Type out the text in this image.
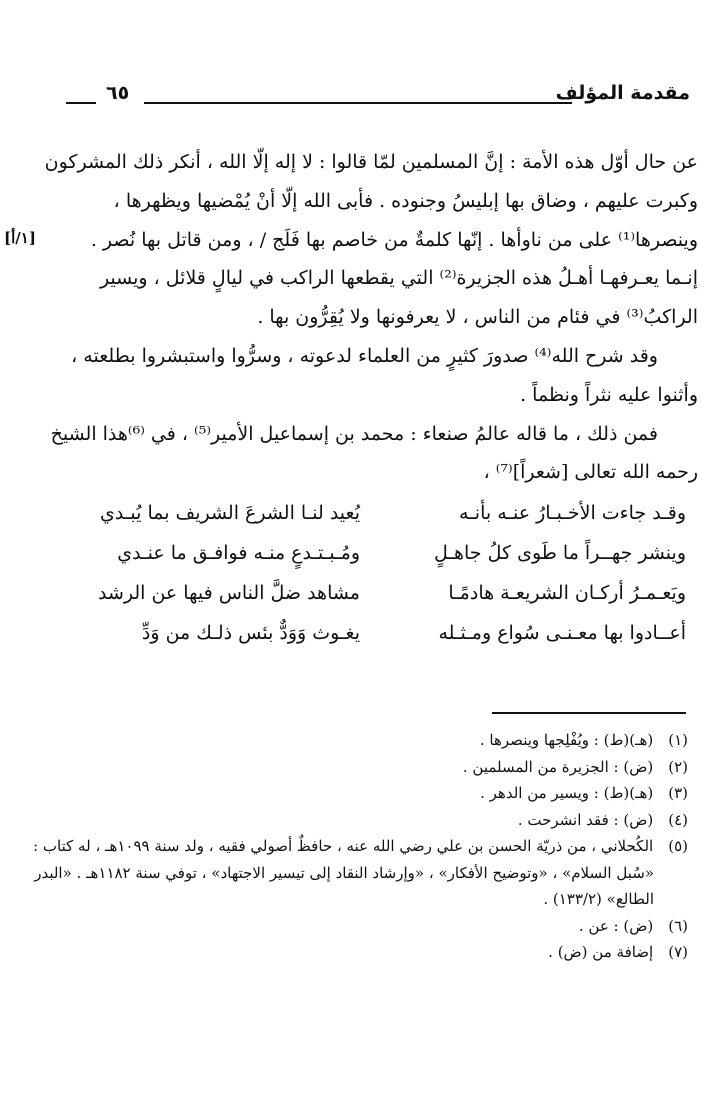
مقدمة المؤلف
٦٥
[١/أ]
عن حال أوّل هذه الأمة : إنَّ المسلمين لمّا قالوا : لا إله إلّا الله ، أنكر ذلك المشركون
وكبرت عليهم ، وضاق بها إبليسُ وجنوده . فأبى الله إلّا أنْ يُمْضيها ويظهرها ،
وينصرها⁽¹⁾ على من ناوأها . إنّها كلمةٌ من خاصم بها فَلَج / ، ومن قاتل بها نُصر .
إنـما يعـرفهـا أهـلُ هذه الجزيرة⁽²⁾ التي يقطعها الراكب في ليالٍ قلائل ، ويسير
الراكبُ⁽³⁾ في فئام من الناس ، لا يعرفونها ولا يُقِرُّون بها .
وقد شرح الله⁽⁴⁾ صدورَ كثيرٍ من العلماء لدعوته ، وسرُّوا واستبشروا بطلعته ،
وأثنوا عليه نثراً ونظماً .
فمن ذلك ، ما قاله عالمُ صنعاء : محمد بن إسماعيل الأمير⁽⁵⁾ ، في ⁽⁶⁾هذا الشيخ
رحمه الله تعالى [شعراً]⁽⁷⁾ ،
وقـد جاءت الأخـبـارُ عنـه بأنـه
يُعيد لنـا الشرعَ الشريف بما يُبـدي
وينشر جهــراً ما طَوى كلُ جاهـلٍ
ومُـبـتـدعٍ منـه فوافـق ما عنـدي
ويَعـمـرُ أركـان الشريعـة هادمًـا
مشاهد ضلَّ الناس فيها عن الرشد
أعــادوا بها معـنـى سُواع ومـثـله
يغـوث وَوَدٌّ بئس ذلـك من وَدِّ
(١) (هـ)(ط) : ويُفْلِجها وينصرها .
(٢) (ض) : الجزيرة من المسلمين .
(٣) (هـ)(ط) : ويسير من الدهر .
(٤) (ض) : فقد انشرحت .
(٥) الكُحلاني ، من ذريّة الحسن بن علي رضي الله عنه ، حافظٌ أصولي فقيه ، ولد سنة ١٠٩٩هـ ، له كتاب :
«سُبل السلام» ، «وتوضيح الأفكار» ، «وإرشاد النقاد إلى تيسير الاجتهاد» ، توفي سنة ١١٨٢هـ . «البدر
الطالع» (١٣٣/٢) .
(٦) (ض) : عن .
(٧) إضافة من (ض) .
